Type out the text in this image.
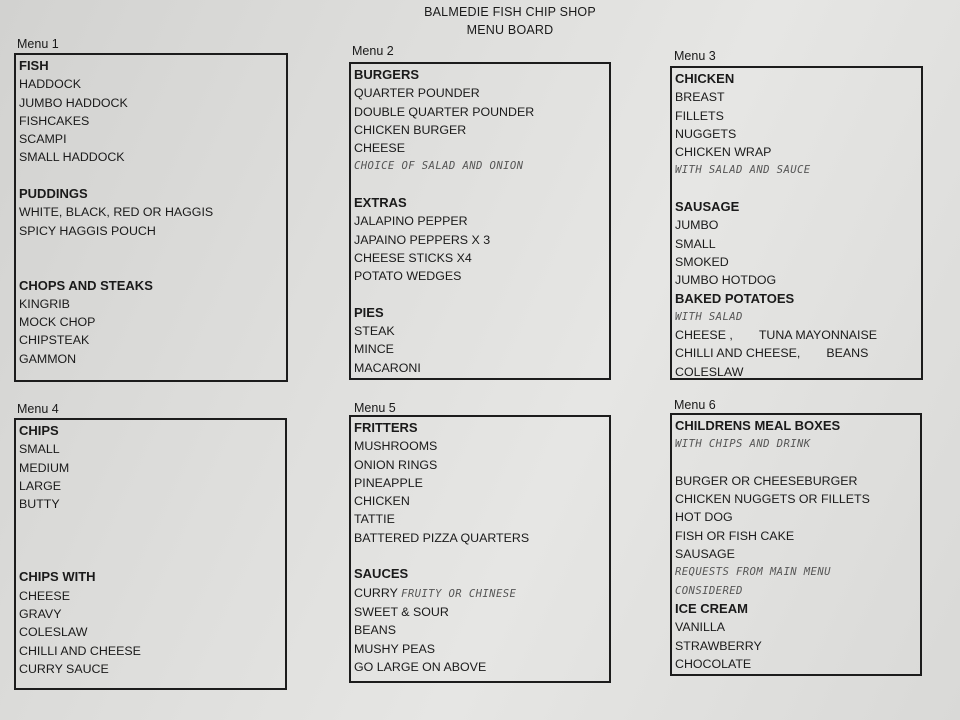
BALMEDIE FISH CHIP SHOP
MENU BOARD
Menu 1
FISH
HADDOCK
JUMBO HADDOCK
FISHCAKES
SCAMPI
SMALL HADDOCK
PUDDINGS
WHITE, BLACK, RED OR HAGGIS
SPICY HAGGIS POUCH
CHOPS AND STEAKS
KINGRIB
MOCK CHOP
CHIPSTEAK
GAMMON
Menu 2
BURGERS
QUARTER POUNDER
DOUBLE QUARTER POUNDER
CHICKEN BURGER
CHEESE
CHOICE OF SALAD AND ONION
EXTRAS
JALAPINO PEPPER
JAPAINO PEPPERS X 3
CHEESE STICKS X4
POTATO WEDGES
PIES
STEAK
MINCE
MACARONI
Menu 3
CHICKEN
BREAST
FILLETS
NUGGETS
CHICKEN WRAP
WITH SALAD AND SAUCE
SAUSAGE
JUMBO
SMALL
SMOKED
JUMBO HOTDOG
BAKED POTATOES
WITH SALAD
CHEESE , TUNA MAYONNAISE
CHILLI AND CHEESE, BEANS
COLESLAW
Menu 4
CHIPS
SMALL
MEDIUM
LARGE
BUTTY
CHIPS WITH
CHEESE
GRAVY
COLESLAW
CHILLI AND CHEESE
CURRY SAUCE
Menu 5
FRITTERS
MUSHROOMS
ONION RINGS
PINEAPPLE
CHICKEN
TATTIE
BATTERED PIZZA QUARTERS
SAUCES
CURRY FRUITY OR CHINESE
SWEET & SOUR
BEANS
MUSHY PEAS
GO LARGE ON ABOVE
Menu 6
CHILDRENS MEAL BOXES
WITH CHIPS AND DRINK
BURGER OR CHEESEBURGER
CHICKEN NUGGETS OR FILLETS
HOT DOG
FISH OR FISH CAKE
SAUSAGE
REQUESTS FROM MAIN MENU
CONSIDERED
ICE CREAM
VANILLA
STRAWBERRY
CHOCOLATE
